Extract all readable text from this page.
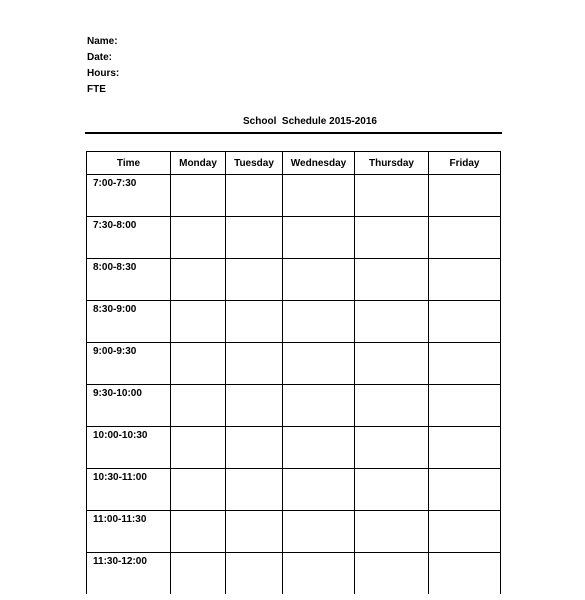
Name:
Date:
Hours:
FTE
School  Schedule 2015-2016
Time	Monday	Tuesday	Wednesday	Thursday	Friday
7:00-7:30					
7:30-8:00					
8:00-8:30					
8:30-9:00					
9:00-9:30					
9:30-10:00					
10:00-10:30					
10:30-11:00					
11:00-11:30					
11:30-12:00					
